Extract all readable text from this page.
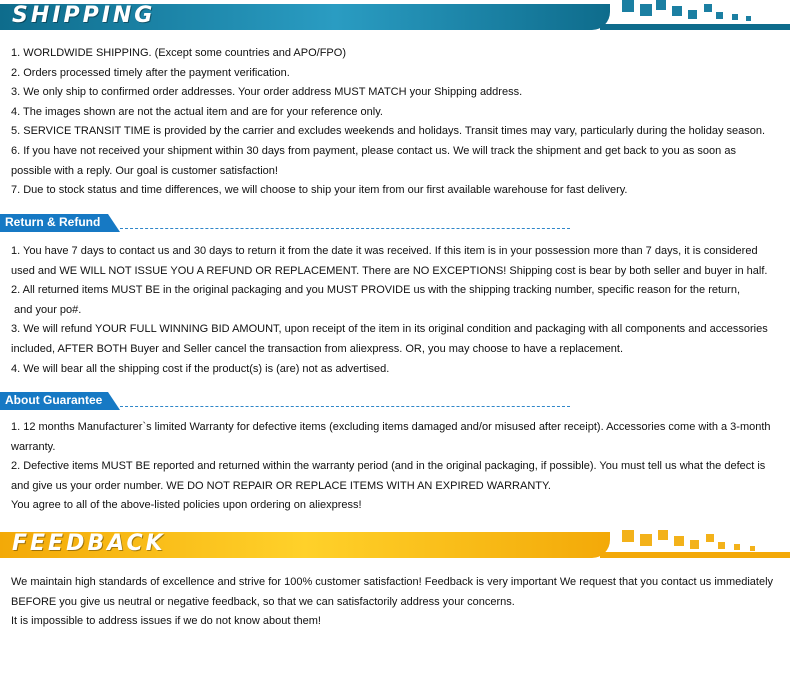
SHIPPING
1. WORLDWIDE SHIPPING. (Except some countries and APO/FPO)
2. Orders processed timely after the payment verification.
3. We only ship to confirmed order addresses. Your order address MUST MATCH your Shipping address.
4. The images shown are not the actual item and are for your reference only.
5. SERVICE TRANSIT TIME is provided by the carrier and excludes weekends and holidays. Transit times may vary, particularly during the holiday season.
6. If you have not received your shipment within 30 days from payment, please contact us. We will track the shipment and get back to you as soon as
possible with a reply. Our goal is customer satisfaction!
7. Due to stock status and time differences, we will choose to ship your item from our first available warehouse for fast delivery.
Return & Refund
1. You have 7 days to contact us and 30 days to return it from the date it was received. If this item is in your possession more than 7 days, it is considered
used and WE WILL NOT ISSUE YOU A REFUND OR REPLACEMENT. There are NO EXCEPTIONS! Shipping cost is bear by both seller and buyer in half.
2. All returned items MUST BE in the original packaging and you MUST PROVIDE us with the shipping tracking number, specific reason for the return,
and your po#.
3. We will refund YOUR FULL WINNING BID AMOUNT, upon receipt of the item in its original condition and packaging with all components and accessories
included, AFTER BOTH Buyer and Seller cancel the transaction from aliexpress. OR, you may choose to have a replacement.
4. We will bear all the shipping cost if the product(s) is (are) not as advertised.
About Guarantee
1. 12 months Manufacturer`s limited Warranty for defective items (excluding items damaged and/or misused after receipt). Accessories come with a 3-month
warranty.
2. Defective items MUST BE reported and returned within the warranty period (and in the original packaging, if possible). You must tell us what the defect is
and give us your order number. WE DO NOT REPAIR OR REPLACE ITEMS WITH AN EXPIRED WARRANTY.
You agree to all of the above-listed policies upon ordering on aliexpress!
FEEDBACK
We maintain high standards of excellence and strive for 100% customer satisfaction! Feedback is very important We request that you contact us immediately
BEFORE you give us neutral or negative feedback, so that we can satisfactorily address your concerns.
It is impossible to address issues if we do not know about them!
